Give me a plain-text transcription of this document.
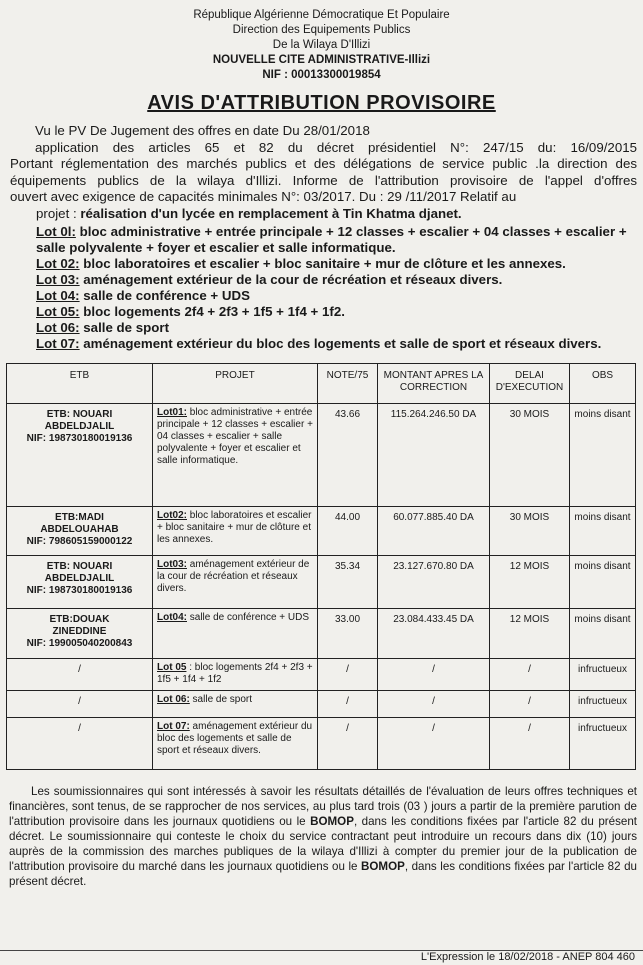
République Algérienne Démocratique Et Populaire
Direction des Equipements Publics
De la Wilaya D'Illizi
NOUVELLE CITE ADMINISTRATIVE-Illizi
NIF : 00013300019854
AVIS D'ATTRIBUTION PROVISOIRE

Vu le PV De Jugement des offres en date Du 28/01/2018

application des articles 65 et 82 du décret présidentiel N°: 247/15 du: 16/09/2015

Portant réglementation des marchés publics et des délégations de service public .la direction des

équipements publics de la wilaya d'Illizi. Informe de l'attribution provisoire de l'appel d'offres

ouvert avec exigence de capacités minimales N°: 03/2017. Du : 29 /11/2017 Relatif au

projet : réalisation d'un lycée en remplacement à Tin Khatma djanet.

Lot 0l: bloc administrative + entrée principale + 12 classes + escalier + 04 classes + escalier + salle polyvalente + foyer et escalier et salle informatique.
Lot 02: bloc laboratoires et escalier + bloc sanitaire + mur de clôture et les annexes.
Lot 03: aménagement extérieur de la cour de récréation et réseaux divers.
Lot 04: salle de conférence + UDS
Lot 05: bloc logements 2f4 + 2f3 + 1f5 + 1f4 + 1f2.
Lot 06: salle de sport
Lot 07: aménagement extérieur du bloc des logements et salle de sport et réseaux divers.
ETB	PROJET	NOTE/75	MONTANT APRES LA CORRECTION	DELAI D'EXECUTION	OBS

ETB: NOUARI
ABDELDJALIL
NIF: 198730180019136	Lot01: bloc administrative + entrée principale + 12 classes + escalier + 04 classes + escalier + salle polyvalente + foyer et escalier et salle informatique.	43.66	115.264.246.50 DA	30 MOIS	moins disant

ETB:MADI
ABDELOUAHAB
NIF: 798605159000122	Lot02: bloc laboratoires et escalier + bloc sanitaire + mur de clôture et les annexes.	44.00	60.077.885.40 DA	30 MOIS	moins disant

ETB: NOUARI
ABDELDJALIL
NIF: 198730180019136	Lot03: aménagement extérieur de la cour de récréation et réseaux divers.	35.34	23.127.670.80 DA	12 MOIS	moins disant

ETB:DOUAK
ZINEDDINE
NIF: 199005040200843	Lot04: salle de conférence + UDS	33.00	23.084.433.45 DA	12 MOIS	moins disant

/	Lot 05 : bloc logements 2f4 + 2f3 + 1f5 + 1f4 + 1f2	/	/	/	infructueux

/	Lot 06: salle de sport	/	/	/	infructueux

/	Lot 07: aménagement extérieur du bloc des logements et salle de sport et réseaux divers.	/	/	/	infructueux
Les soumissionnaires qui sont intéressés à savoir les résultats détaillés de l'évaluation de leurs offres techniques et financières, sont tenus, de se rapprocher de nos services, au plus tard trois (03 ) jours a partir de la première parution de l'attribution provisoire dans les journaux quotidiens ou le BOMOP, dans les conditions fixées par l'article 82 du présent décret. Le soumissionnaire qui conteste le choix du service contractant peut introduire un recours dans dix (10) jours auprès de la commission des marches publiques de la wilaya d'Illizi à compter du premier jour de la publication de l'attribution provisoire du marché dans les journaux quotidiens ou le BOMOP, dans les conditions fixées par l'article 82 du présent décret.
L'Expression le 18/02/2018 - ANEP 804 460
